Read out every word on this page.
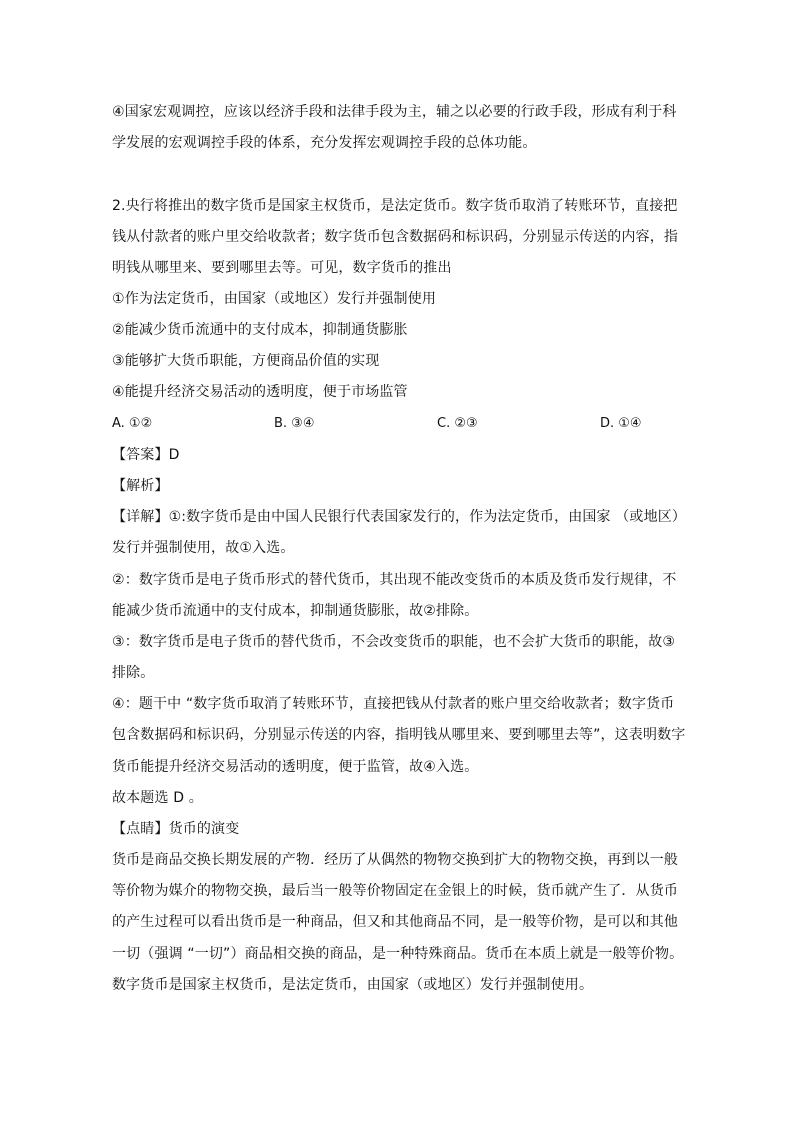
④国家宏观调控，应该以经济手段和法律手段为主，辅之以必要的行政手段，形成有利于科
学发展的宏观调控手段的体系，充分发挥宏观调控手段的总体功能。
2.央行将推出的数字货币是国家主权货币，是法定货币。数字货币取消了转账环节，直接把
钱从付款者的账户里交给收款者；数字货币包含数据码和标识码，分别显示传送的内容，指
明钱从哪里来、要到哪里去等。可见，数字货币的推出
①作为法定货币，由国家（或地区）发行并强制使用
②能减少货币流通中的支付成本，抑制通货膨胀
③能够扩大货币职能，方便商品价值的实现
④能提升经济交易活动的透明度，便于市场监管
A. ①②	B. ③④	C. ②③	D. ①④
【答案】D
【解析】
【详解】①:数字货币是由中国人民银行代表国家发行的，作为法定货币，由国家 （或地区）
发行并强制使用，故①入选。
②：数字货币是电子货币形式的替代货币，其出现不能改变货币的本质及货币发行规律，不
能减少货币流通中的支付成本，抑制通货膨胀，故②排除。
③：数字货币是电子货币的替代货币，不会改变货币的职能，也不会扩大货币的职能，故③
排除。
④：题干中 “数字货币取消了转账环节，直接把钱从付款者的账户里交给收款者；数字货币
包含数据码和标识码，分别显示传送的内容，指明钱从哪里来、要到哪里去等”，这表明数字
货币能提升经济交易活动的透明度，便于监管，故④入选。
故本题选 D 。
【点睛】货币的演变
货币是商品交换长期发展的产物．经历了从偶然的物物交换到扩大的物物交换，再到以一般
等价物为媒介的物物交换，最后当一般等价物固定在金银上的时候，货币就产生了．从货币
的产生过程可以看出货币是一种商品，但又和其他商品不同，是一般等价物，是可以和其他
一切（强调 “一切”）商品相交换的商品，是一种特殊商品。货币在本质上就是一般等价物。
数字货币是国家主权货币，是法定货币，由国家（或地区）发行并强制使用。
